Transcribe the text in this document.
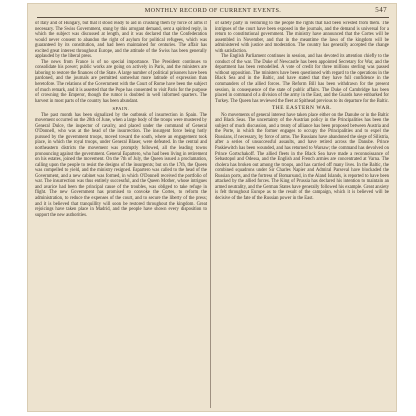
MONTHLY RECORD OF CURRENT EVENTS.	547

of Italy and of Hungary, but that it stood ready to aid in crushing them by force of arms if necessary. The Swiss Government, stung by this arrogant demand, sent a spirited reply, in which the subject was discussed at length, and it was declared that the Confederation would never consent to abandon the right of asylum for political refugees, which was guaranteed by its constitution, and had been maintained for centuries. The affair has excited great interest throughout Europe, and the attitude of the Swiss has been generally applauded by the liberal press.

The news from France is of no special importance. The President continues to consolidate his power; public works are going on actively in Paris, and the ministers are laboring to restore the finances of the State. A large number of political prisoners have been pardoned, and the journals are permitted somewhat more latitude of expression than heretofore. The relations of the Government with the Court of Rome have been the subject of much remark, and it is asserted that the Pope has consented to visit Paris for the purpose of crowning the Emperor, though the rumor is doubted in well informed quarters. The harvest in most parts of the country has been abundant.

SPAIN.

The past month has been signalized by the outbreak of insurrection in Spain. The movement occurred on the 28th of June, when a large body of the troops were mustered by General Dulce, the inspector of cavalry, and placed under the command of General O'Donnell, who was at the head of the insurrection. The insurgent force being hotly pursued by the government troops, moved toward the south, where an engagement took place, in which the royal troops, under General Blaser, were defeated. In the central and northeastern districts the movement was promptly followed, all the leading towns pronouncing against the government. General Espartero, who had been living in retirement on his estates, joined the movement. On the 7th of July, the Queen issued a proclamation, calling upon the people to resist the designs of the insurgents; but on the 17th, the Queen was compelled to yield, and the ministry resigned. Espartero was called to the head of the Government, and a new cabinet was formed, in which O'Donnell received the portfolio of war. The insurrection was thus entirely successful, and the Queen Mother, whose intrigues and avarice had been the principal cause of the troubles, was obliged to take refuge in flight. The new Government has promised to convoke the Cortes, to reform the administration, to reduce the expenses of the court, and to secure the liberty of the press; and it is believed that tranquillity will soon be restored throughout the kingdom. Great rejoicings have taken place in Madrid, and the people have shown every disposition to support the new authorities.

of safety party in venturing to the people the rights that had been wrested from them. The intrigues of the court have been exposed in the journals, and the demand is universal for a return to constitutional government. The ministry have announced that the Cortes will be assembled in November, and that in the meantime the laws of the kingdom will be administered with justice and moderation. The country has generally accepted the change with satisfaction.

The English Parliament continues in session, and has devoted its attention chiefly to the conduct of the war. The Duke of Newcastle has been appointed Secretary for War, and the department has been remodelled. A vote of credit for three millions sterling was passed without opposition. The ministers have been questioned with regard to the operations in the Black Sea and in the Baltic, and have stated that they have full confidence in the commanders of the allied forces. The Reform Bill has been withdrawn for the present session, in consequence of the state of public affairs. The Duke of Cambridge has been placed in command of a division of the army in the East, and the Guards have embarked for Turkey. The Queen has reviewed the fleet at Spithead previous to its departure for the Baltic.

THE EASTERN WAR.

No movements of general interest have taken place either on the Danube or in the Baltic and Black Seas. The uncertainty of the Austrian policy in the Principalities has been the subject of much discussion, and a treaty of alliance has been proposed between Austria and the Porte, in which the former engages to occupy the Principalities and to expel the Russians, if necessary, by force of arms. The Russians have abandoned the siege of Silistria, after a series of unsuccessful assaults, and have retired across the Danube. Prince Paskiewitch has been wounded, and has returned to Warsaw; the command has devolved on Prince Gortschakoff. The allied fleets in the Black Sea have made a reconnoissance of Sebastopol and Odessa, and the English and French armies are concentrated at Varna. The cholera has broken out among the troops, and has carried off many lives. In the Baltic, the combined squadrons under Sir Charles Napier and Admiral Parseval have blockaded the Russian ports, and the fortress of Bomarsund, in the Aland Islands, is reported to have been attacked by the allied forces. The King of Prussia has declared his intention to maintain an armed neutrality, and the German States have generally followed his example. Great anxiety is felt throughout Europe as to the result of the campaign, which it is believed will be decisive of the fate of the Russian power in the East.
